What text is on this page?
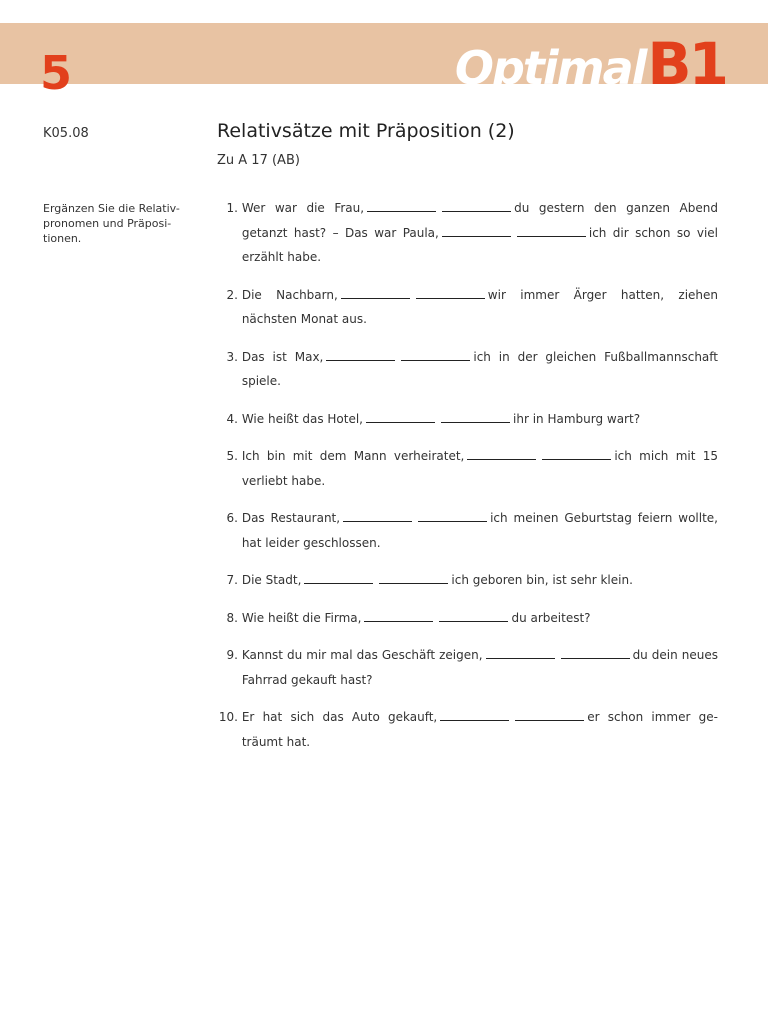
5	OptimalB1
K05.08	Relativsätze mit Präposition (2)
Zu A 17 (AB)
Ergänzen Sie die Relativ-pronomen und Präposi-tionen.
1.
Wer war die Frau,	du gestern den ganzen Abend getanzt hast? – Das war Paula,	ich dir schon so viel erzählt habe.
2.
Die Nachbarn,	wir immer Ärger hatten, ziehen nächsten Monat aus.
3.
Das ist Max,	ich in der gleichen Fußballmannschaft spiele.
4.
Wie heißt das Hotel,	ihr in Hamburg wart?
5.
Ich bin mit dem Mann verheiratet,	ich mich mit 15 verliebt habe.
6.
Das Restaurant,	ich meinen Geburtstag feiern wollte, hat leider geschlossen.
7.
Die Stadt,	ich geboren bin, ist sehr klein.
8.
Wie heißt die Firma,	du arbeitest?
9.
Kannst du mir mal das Geschäft zeigen,	du dein neues Fahrrad gekauft hast?
10.
Er hat sich das Auto gekauft,	er schon immer ge-träumt hat.
